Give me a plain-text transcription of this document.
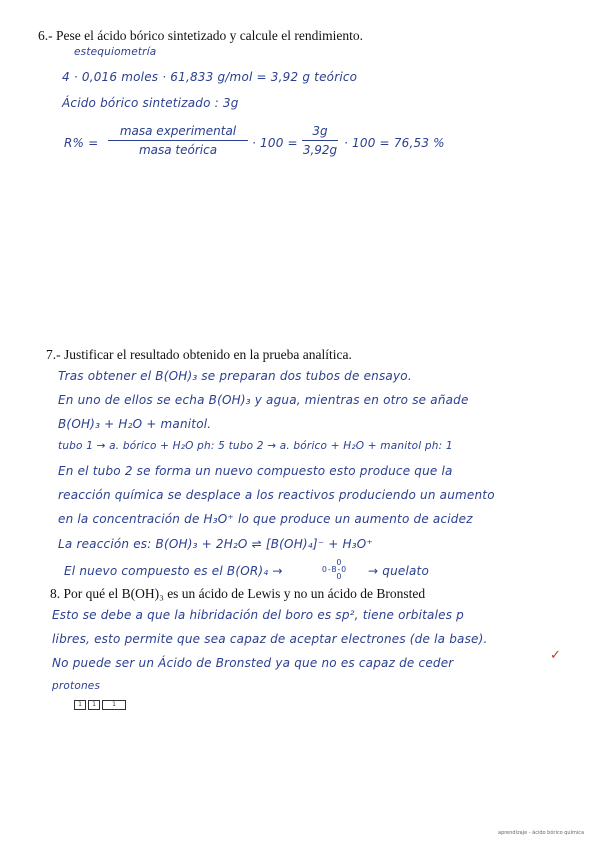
6.- Pese el ácido bórico sintetizado y calcule el rendimiento.
estequiometría
4 · 0,016 moles · 61,833 g/mol = 3,92 g teórico
Ácido bórico sintetizado : 3g
R% =
masa experimental
masa teórica	· 100 =
3g
3,92g · 100 = 76,53 %
7.- Justificar el resultado obtenido en la prueba analítica.
Tras obtener el B(OH)₃ se preparan dos tubos de ensayo.
En uno de ellos se echa B(OH)₃ y agua, mientras en otro se añade
B(OH)₃ + H₂O + manitol.
tubo 1 → a. bórico + H₂O ph: 5 tubo 2 → a. bórico + H₂O + manitol ph: 1
En el tubo 2 se forma un nuevo compuesto esto produce que la
reacción química se desplace a los reactivos produciendo un aumento
en la concentración de H₃O⁺ lo que produce un aumento de acidez
La reacción es: B(OH)₃ + 2H₂O ⇌ [B(OH)₄]⁻ + H₃O⁺
El nuevo compuesto es el B(OR)₄ →
O
O-B-O
O	→ quelato
8. Por qué el B(OH)₃ es un ácido de Lewis y no un ácido de Bronsted
Esto se debe a que la hibridación del boro es sp², tiene orbitales p
libres, esto permite que sea capaz de aceptar electrones (de la base).
✓
No puede ser un Ácido de Bronsted ya que no es capaz de ceder
protones
1	1	1
aprendizaje - ácido bórico química
